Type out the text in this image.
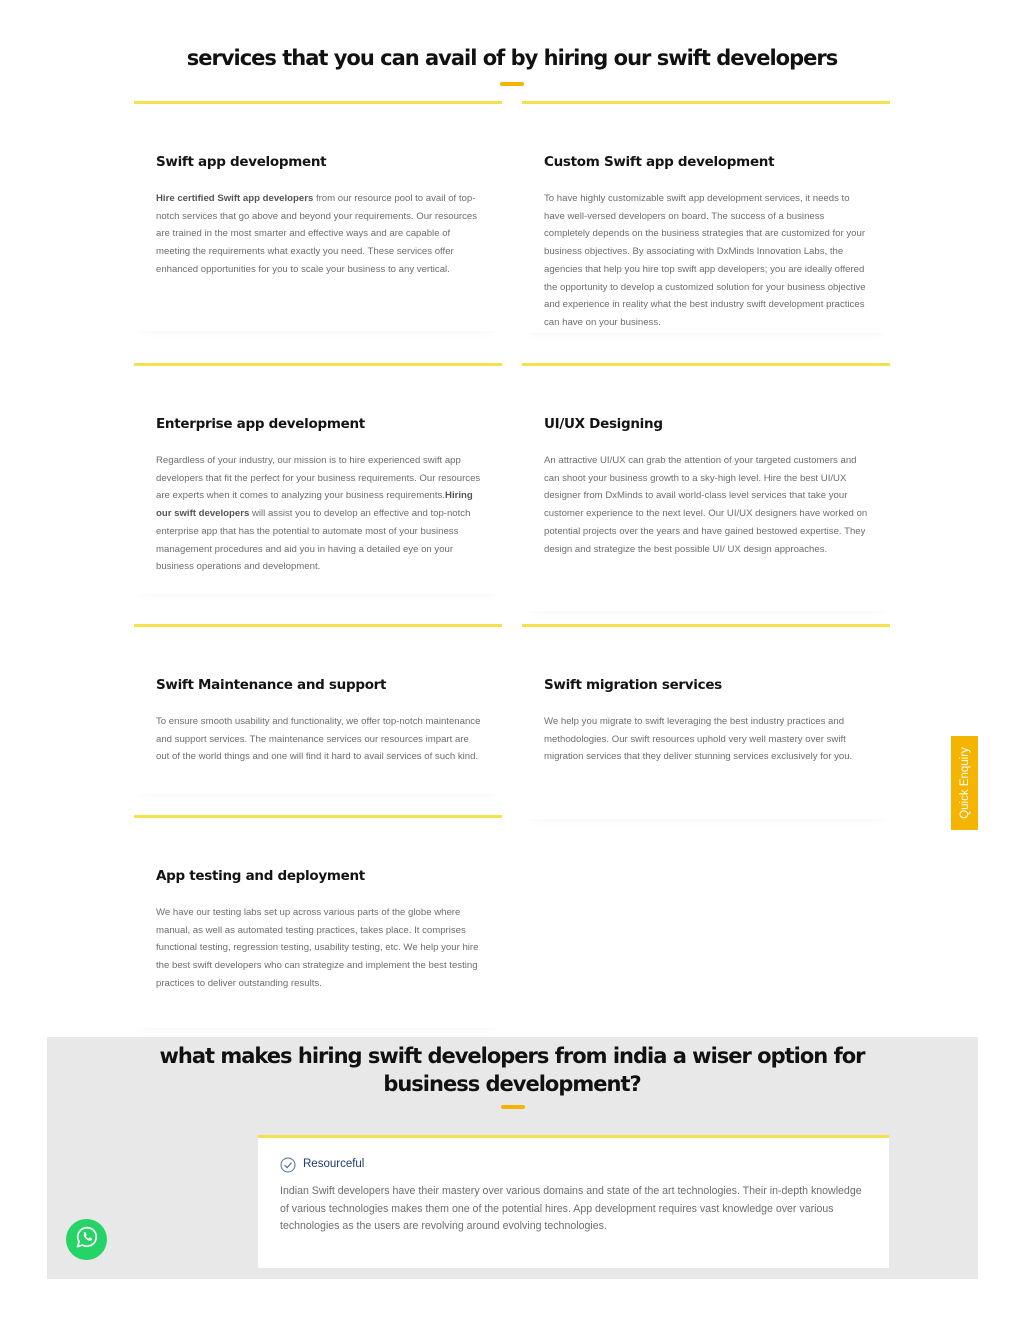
services that you can avail of by hiring our swift developers
Swift app development
Hire certified Swift app developers from our resource pool to avail of top-notch services that go above and beyond your requirements. Our resources are trained in the most smarter and effective ways and are capable of meeting the requirements what exactly you need. These services offer enhanced opportunities for you to scale your business to any vertical.
Custom Swift app development
To have highly customizable swift app development services, it needs to have well-versed developers on board. The success of a business completely depends on the business strategies that are customized for your business objectives. By associating with DxMinds Innovation Labs, the agencies that help you hire top swift app developers; you are ideally offered the opportunity to develop a customized solution for your business objective and experience in reality what the best industry swift development practices can have on your business.
Enterprise app development
Regardless of your industry, our mission is to hire experienced swift app developers that fit the perfect for your business requirements. Our resources are experts when it comes to analyzing your business requirements.Hiring our swift developers will assist you to develop an effective and top-notch enterprise app that has the potential to automate most of your business management procedures and aid you in having a detailed eye on your business operations and development.
UI/UX Designing
An attractive UI/UX can grab the attention of your targeted customers and can shoot your business growth to a sky-high level. Hire the best UI/UX designer from DxMinds to avail world-class level services that take your customer experience to the next level. Our UI/UX designers have worked on potential projects over the years and have gained bestowed expertise. They design and strategize the best possible UI/ UX design approaches.
Swift Maintenance and support
To ensure smooth usability and functionality, we offer top-notch maintenance and support services. The maintenance services our resources impart are out of the world things and one will find it hard to avail services of such kind.
Swift migration services
We help you migrate to swift leveraging the best industry practices and methodologies. Our swift resources uphold very well mastery over swift migration services that they deliver stunning services exclusively for you.
App testing and deployment
We have our testing labs set up across various parts of the globe where manual, as well as automated testing practices, takes place. It comprises functional testing, regression testing, usability testing, etc. We help your hire the best swift developers who can strategize and implement the best testing practices to deliver outstanding results.
what makes hiring swift developers from india a wiser option for business development?
Resourceful
Indian Swift developers have their mastery over various domains and state of the art technologies. Their in-depth knowledge of various technologies makes them one of the potential hires. App development requires vast knowledge over various technologies as the users are revolving around evolving technologies.
Quick Enquiry
